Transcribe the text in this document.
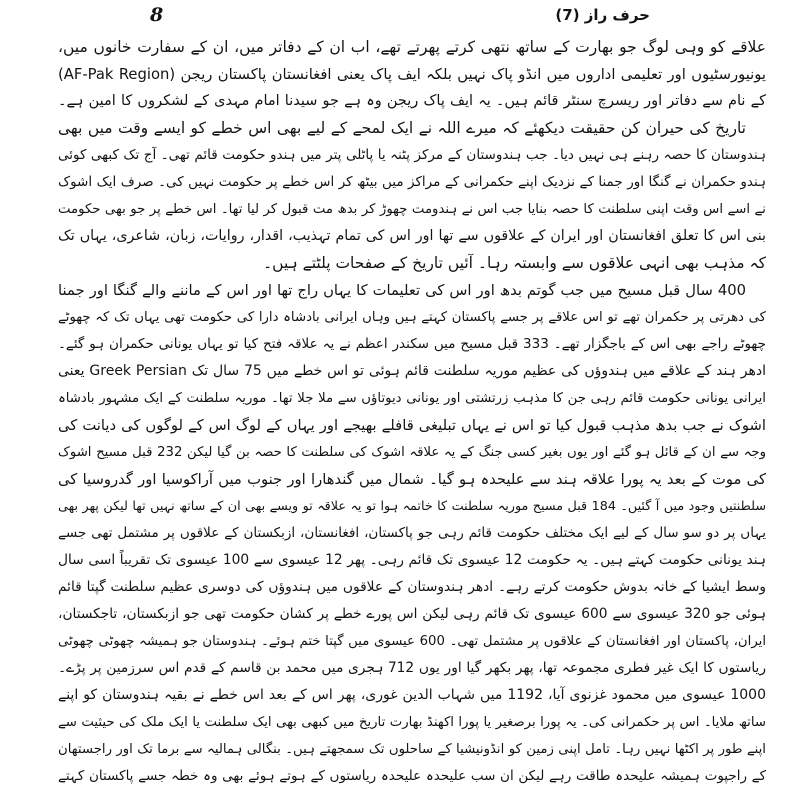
حرف راز (7)
8
علاقے کو وہی لوگ جو بھارت کے ساتھ نتھی کرتے پھرتے تھے، اب ان کے دفاتر میں، ان کے سفارت خانوں میں،
یونیورسٹیوں اور تعلیمی اداروں میں انڈو پاک نہیں بلکہ ایف پاک یعنی افغانستان پاکستان ریجن (AF-Pak Region)
کے نام سے دفاتر اور ریسرچ سنٹر قائم ہیں۔ یہ ایف پاک ریجن وہ ہے جو سیدنا امام مہدی کے لشکروں کا امین ہے۔
تاریخ کی حیران کن حقیقت دیکھئے کہ میرے اللہ نے ایک لمحے کے لیے بھی اس خطے کو ایسے وقت میں بھی
ہندوستان کا حصہ رہنے ہی نہیں دیا۔ جب ہندوستان کے مرکز پٹنہ یا پاٹلی پتر میں ہندو حکومت قائم تھی۔ آج تک کبھی کوئی
ہندو حکمران نے گنگا اور جمنا کے نزدیک اپنے حکمرانی کے مراکز میں بیٹھ کر اس خطے پر حکومت نہیں کی۔ صرف ایک اشوک
نے اسے اس وقت اپنی سلطنت کا حصہ بنایا جب اس نے ہندومت چھوڑ کر بدھ مت قبول کر لیا تھا۔ اس خطے پر جو بھی حکومت
بنی اس کا تعلق افغانستان اور ایران کے علاقوں سے تھا اور اس کی تمام تہذیب، اقدار، روایات، زبان، شاعری، یہاں تک
کہ مذہب بھی انہی علاقوں سے وابستہ رہا۔ آئیں تاریخ کے صفحات پلٹتے ہیں۔
400 سال قبل مسیح میں جب گوتم بدھ اور اس کی تعلیمات کا یہاں راج تھا اور اس کے ماننے والے گنگا اور جمنا
کی دھرتی پر حکمران تھے تو اس علاقے پر جسے پاکستان کہتے ہیں وہاں ایرانی بادشاہ دارا کی حکومت تھی یہاں تک کہ چھوٹے
چھوٹے راجے بھی اس کے باجگزار تھے۔ 333 قبل مسیح میں سکندر اعظم نے یہ علاقہ فتح کیا تو یہاں یونانی حکمران ہو گئے۔
ادھر ہند کے علاقے میں ہندوؤں کی عظیم موریہ سلطنت قائم ہوئی تو اس خطے میں 75 سال تک Greek Persian یعنی
ایرانی یونانی حکومت قائم رہی جن کا مذہب زرتشتی اور یونانی دیوتاؤں سے ملا جلا تھا۔ موریہ سلطنت کے ایک مشہور بادشاہ
اشوک نے جب بدھ مذہب قبول کیا تو اس نے یہاں تبلیغی قافلے بھیجے اور یہاں کے لوگ اس کے لوگوں کی دیانت کی
وجہ سے ان کے قائل ہو گئے اور یوں بغیر کسی جنگ کے یہ علاقہ اشوک کی سلطنت کا حصہ بن گیا لیکن 232 قبل مسیح اشوک
کی موت کے بعد یہ پورا علاقہ ہند سے علیحدہ ہو گیا۔ شمال میں گندھارا اور جنوب میں آراکوسیا اور گدروسیا کی
سلطنتیں وجود میں آ گئیں۔ 184 قبل مسیح موریہ سلطنت کا خاتمہ ہوا تو یہ علاقہ تو ویسے بھی ان کے ساتھ نہیں تھا لیکن پھر بھی
یہاں پر دو سو سال کے لیے ایک مختلف حکومت قائم رہی جو پاکستان، افغانستان، ازبکستان کے علاقوں پر مشتمل تھی جسے
ہند یونانی حکومت کہتے ہیں۔ یہ حکومت 12 عیسوی تک قائم رہی۔ پھر 12 عیسوی سے 100 عیسوی تک تقریباً اسی سال
وسط ایشیا کے خانہ بدوش حکومت کرتے رہے۔ ادھر ہندوستان کے علاقوں میں ہندوؤں کی دوسری عظیم سلطنت گپتا قائم
ہوئی جو 320 عیسوی سے 600 عیسوی تک قائم رہی لیکن اس پورے خطے پر کشان حکومت تھی جو ازبکستان، تاجکستان،
ایران، پاکستان اور افغانستان کے علاقوں پر مشتمل تھی۔ 600 عیسوی میں گپتا ختم ہوئے۔ ہندوستان جو ہمیشہ چھوٹی چھوٹی
ریاستوں کا ایک غیر فطری مجموعہ تھا، پھر بکھر گیا اور یوں 712 ہجری میں محمد بن قاسم کے قدم اس سرزمین پر پڑے۔
1000 عیسوی میں محمود غزنوی آیا، 1192 میں شہاب الدین غوری، پھر اس کے بعد اس خطے نے بقیہ ہندوستان کو اپنے
ساتھ ملایا۔ اس پر حکمرانی کی۔ یہ پورا برصغیر یا پورا اکھنڈ بھارت تاریخ میں کبھی بھی ایک سلطنت یا ایک ملک کی حیثیت سے
اپنے طور پر اکٹھا نہیں رہا۔ تامل اپنی زمین کو انڈونیشیا کے ساحلوں تک سمجھتے ہیں۔ بنگالی ہمالیہ سے برما تک اور راجستھان
کے راجپوت ہمیشہ علیحدہ طاقت رہے لیکن ان سب علیحدہ علیحدہ ریاستوں کے ہوتے ہوئے بھی وہ خطہ جسے پاکستان کہتے
